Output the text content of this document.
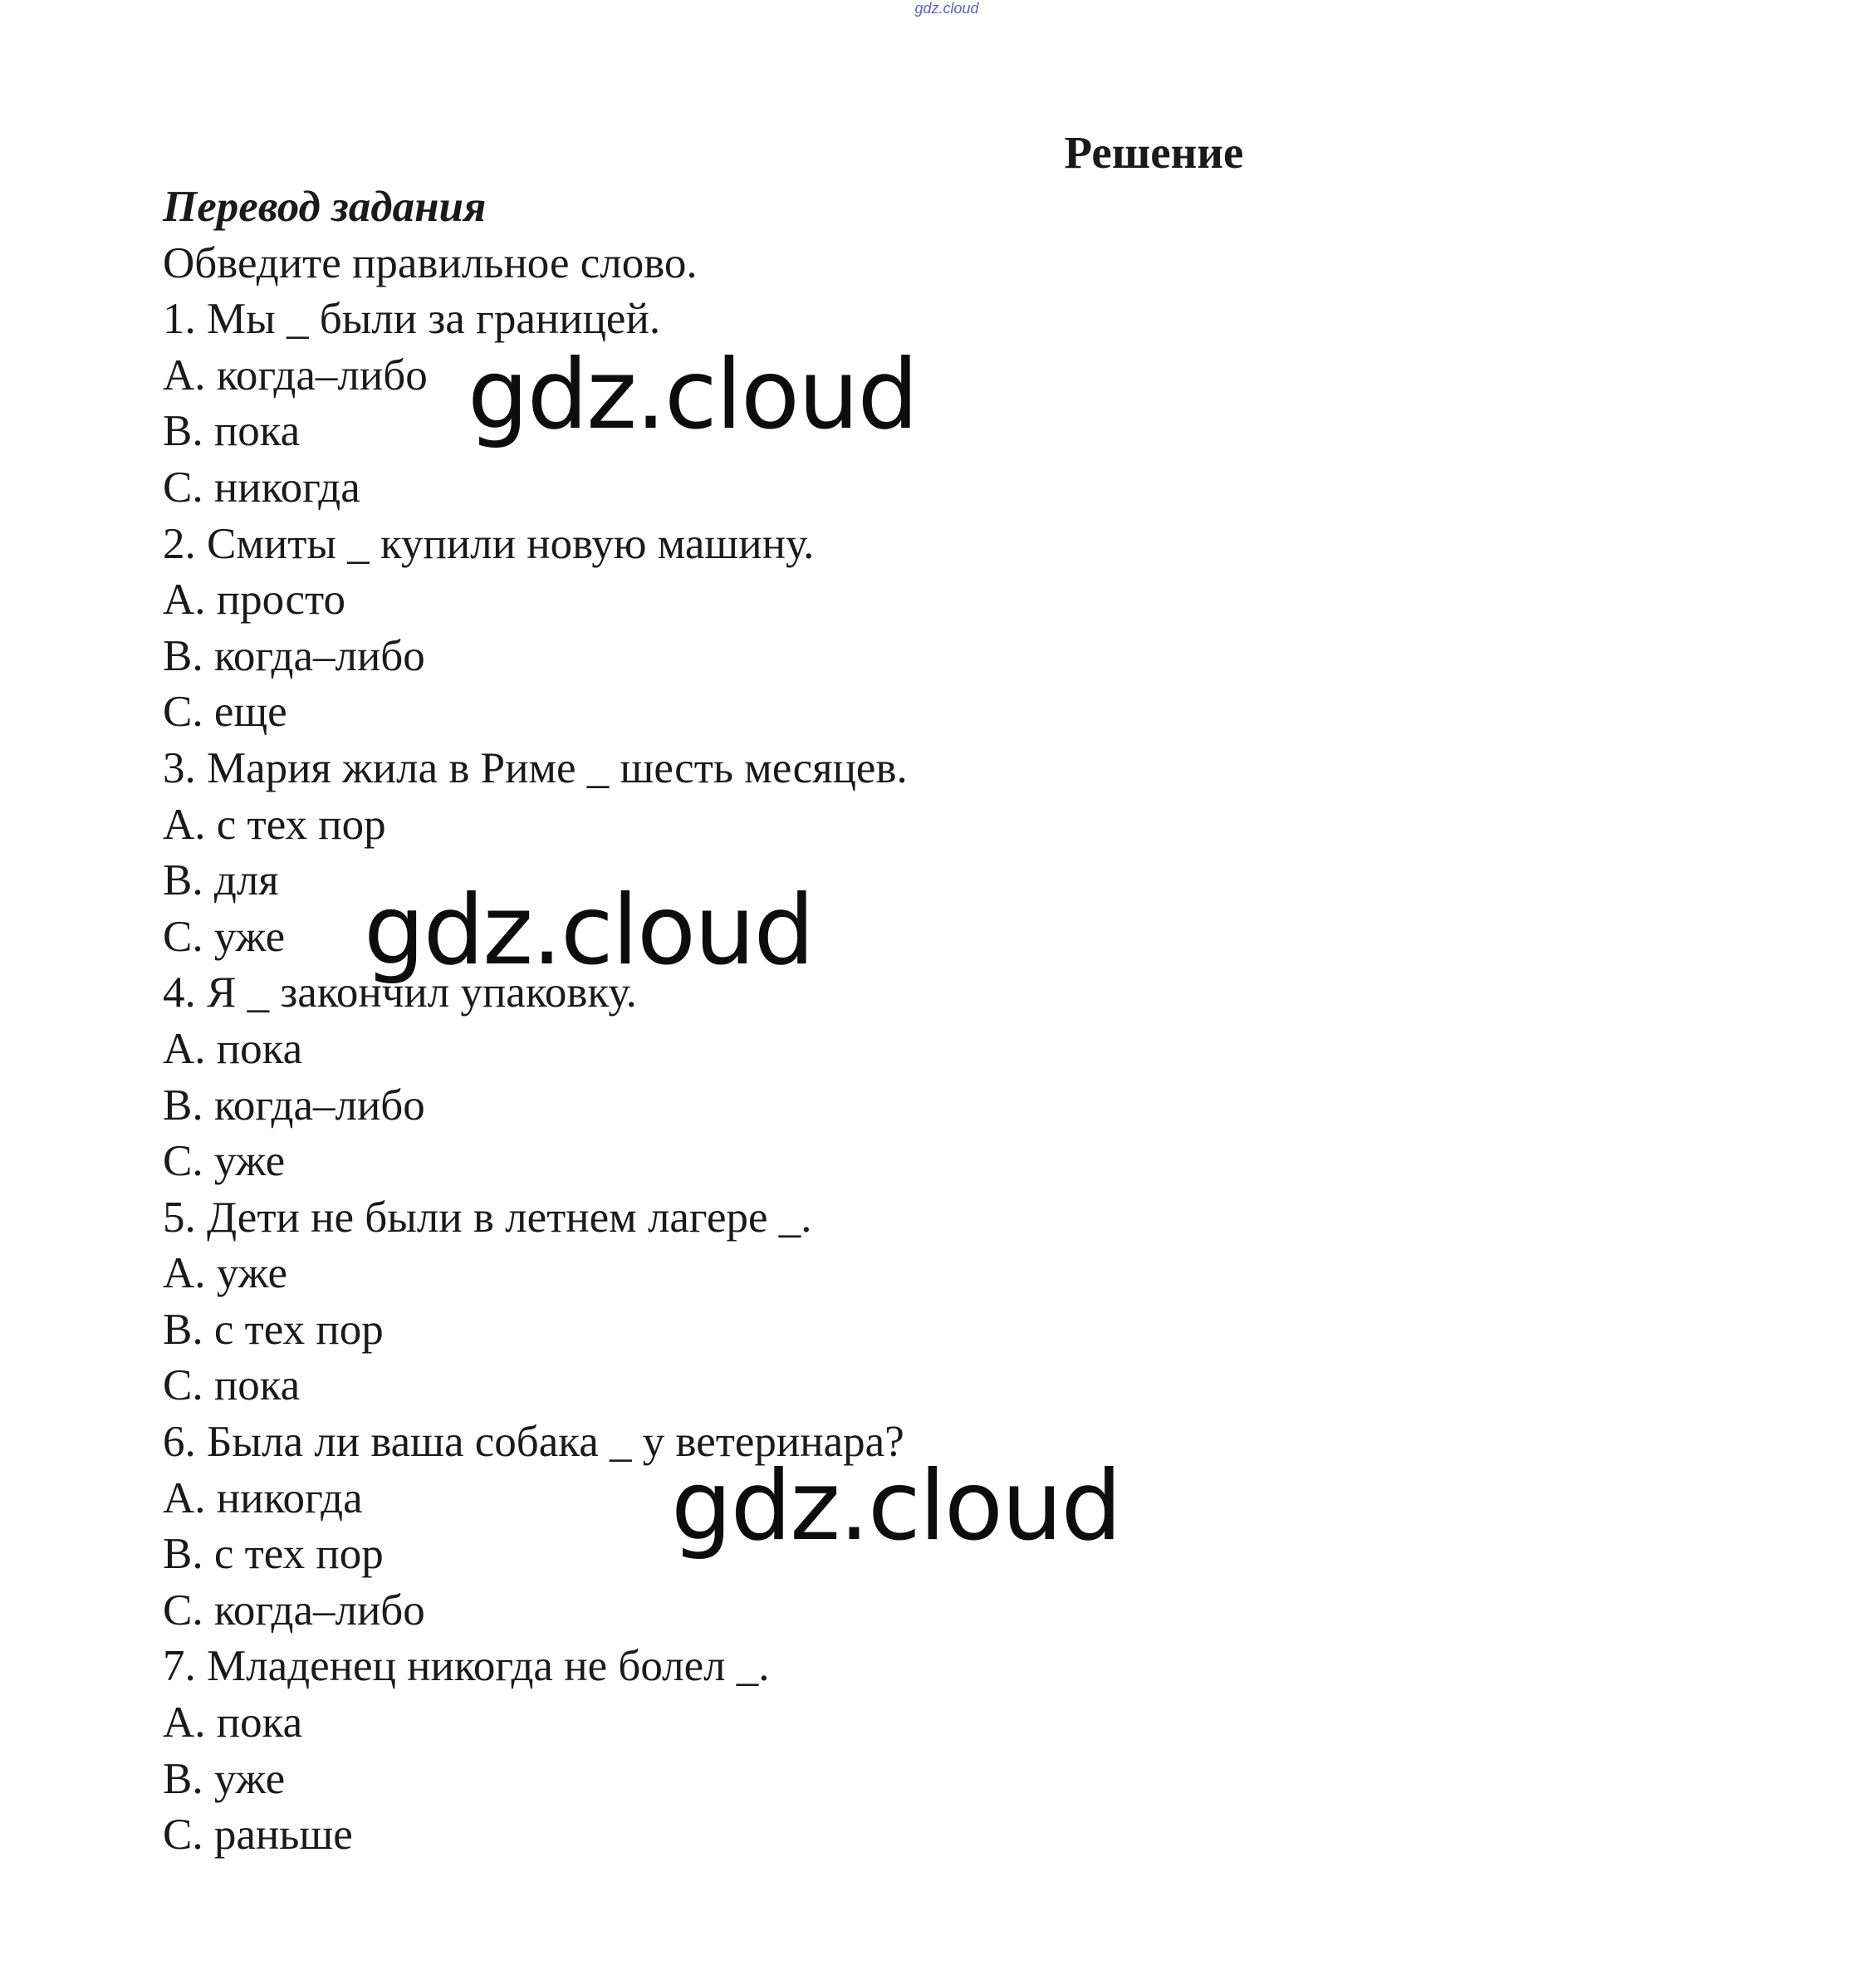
gdz.cloud
Решение

Перевод задания

Обведите правильное слово.

1. Мы _ были за границей.

A. когда–либо

B. пока

C. никогда

2. Смиты _ купили новую машину.

A. просто

B. когда–либо

C. еще

3. Мария жила в Риме _ шесть месяцев.

A. с тех пор

B. для

C. уже

4. Я _ закончил упаковку.

A. пока

B. когда–либо

C. уже

5. Дети не были в летнем лагере _.

A. уже

B. с тех пор

C. пока

6. Была ли ваша собака _ у ветеринара?

A. никогда

B. с тех пор

C. когда–либо

7. Младенец никогда не болел _.

A. пока

B. уже

C. раньше

gdz.cloud
gdz.cloud
gdz.cloud
